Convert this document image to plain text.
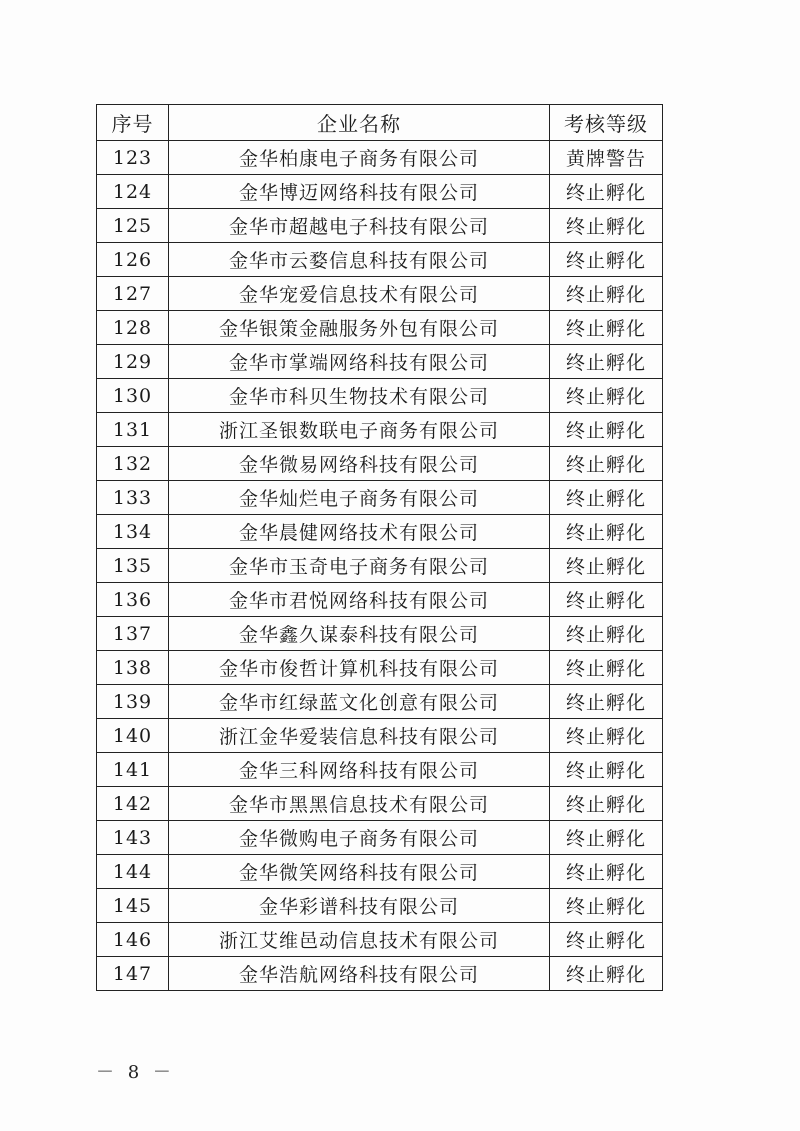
序号	企业名称	考核等级
123	金华柏康电子商务有限公司	黄牌警告
124	金华博迈网络科技有限公司	终止孵化
125	金华市超越电子科技有限公司	终止孵化
126	金华市云婺信息科技有限公司	终止孵化
127	金华宠爱信息技术有限公司	终止孵化
128	金华银策金融服务外包有限公司	终止孵化
129	金华市掌端网络科技有限公司	终止孵化
130	金华市科贝生物技术有限公司	终止孵化
131	浙江圣银数联电子商务有限公司	终止孵化
132	金华微易网络科技有限公司	终止孵化
133	金华灿烂电子商务有限公司	终止孵化
134	金华晨健网络技术有限公司	终止孵化
135	金华市玉奇电子商务有限公司	终止孵化
136	金华市君悦网络科技有限公司	终止孵化
137	金华鑫久谋泰科技有限公司	终止孵化
138	金华市俊哲计算机科技有限公司	终止孵化
139	金华市红绿蓝文化创意有限公司	终止孵化
140	浙江金华爱装信息科技有限公司	终止孵化
141	金华三科网络科技有限公司	终止孵化
142	金华市黑黑信息技术有限公司	终止孵化
143	金华微购电子商务有限公司	终止孵化
144	金华微笑网络科技有限公司	终止孵化
145	金华彩谱科技有限公司	终止孵化
146	浙江艾维邑动信息技术有限公司	终止孵化
147	金华浩航网络科技有限公司	终止孵化
－ 8 －
